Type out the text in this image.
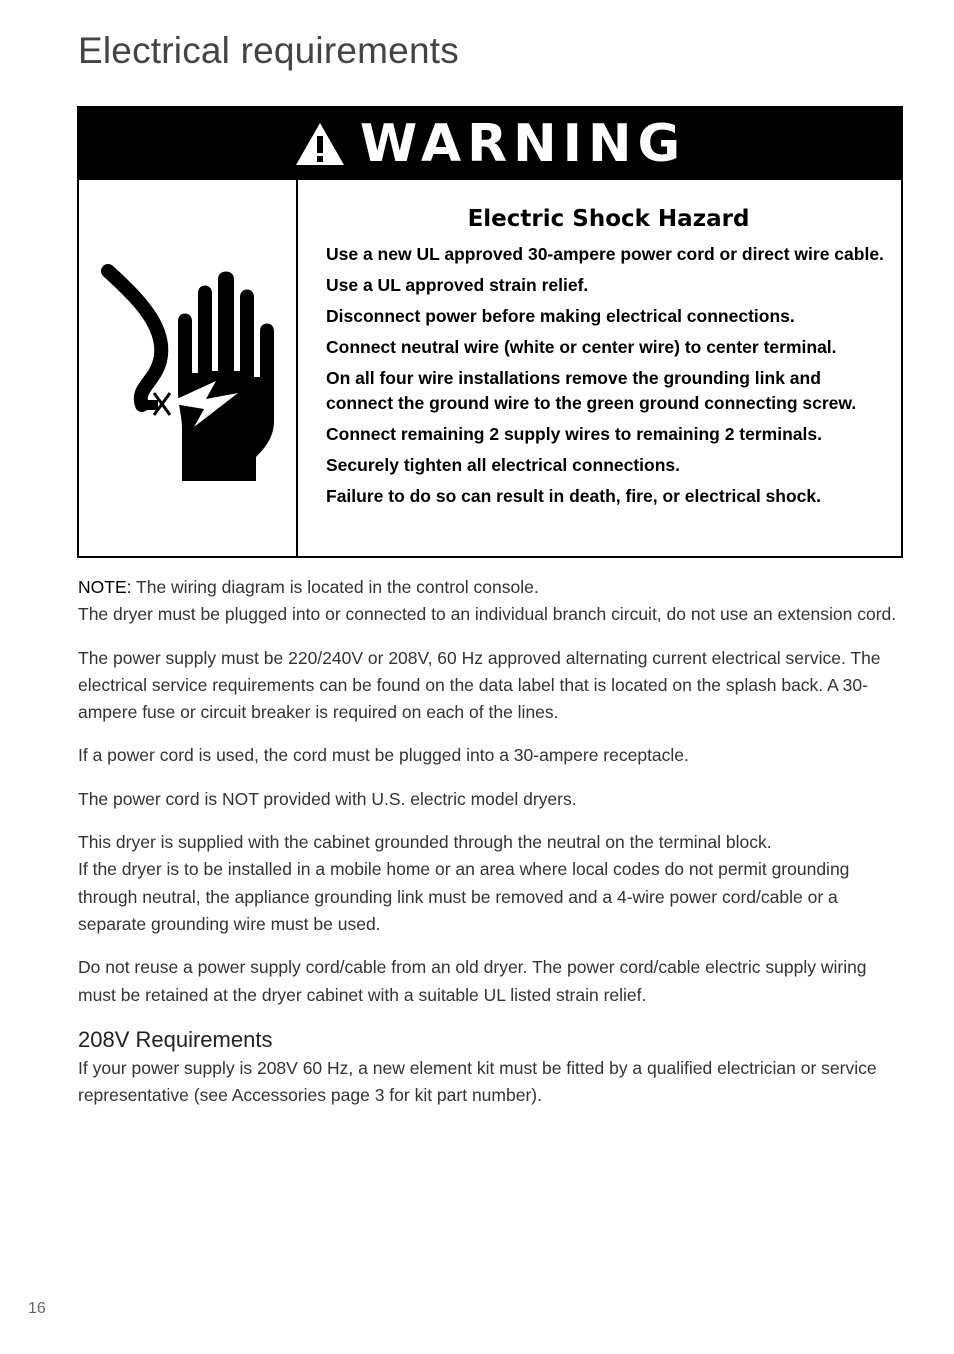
Electrical requirements
WARNING
Electric Shock Hazard
Use a new UL approved 30-ampere power cord or direct wire cable.
Use a UL approved strain relief.
Disconnect power before making electrical connections.
Connect neutral wire (white or center wire) to center terminal.
On all four wire installations remove the grounding link and connect the ground wire to the green ground connecting screw.
Connect remaining 2 supply wires to remaining 2 terminals.
Securely tighten all electrical connections.
Failure to do so can result in death, fire, or electrical shock.

NOTE: The wiring diagram is located in the control console.
The dryer must be plugged into or connected to an individual branch circuit, do not use an extension cord.

The power supply must be 220/240V or 208V, 60 Hz approved alternating current electrical service. The electrical service requirements can be found on the data label that is located on the splash back. A 30-ampere fuse or circuit breaker is required on each of the lines.

If a power cord is used, the cord must be plugged into a 30-ampere receptacle.

The power cord is NOT provided with U.S. electric model dryers.

This dryer is supplied with the cabinet grounded through the neutral on the terminal block.
If the dryer is to be installed in a mobile home or an area where local codes do not permit grounding through neutral, the appliance grounding link must be removed and a 4-wire power cord/cable or a separate grounding wire must be used.

Do not reuse a power supply cord/cable from an old dryer. The power cord/cable electric supply wiring must be retained at the dryer cabinet with a suitable UL listed strain relief.

208V Requirements

If your power supply is 208V 60 Hz, a new element kit must be fitted by a qualified electrician or service representative (see Accessories page 3 for kit part number).

16
